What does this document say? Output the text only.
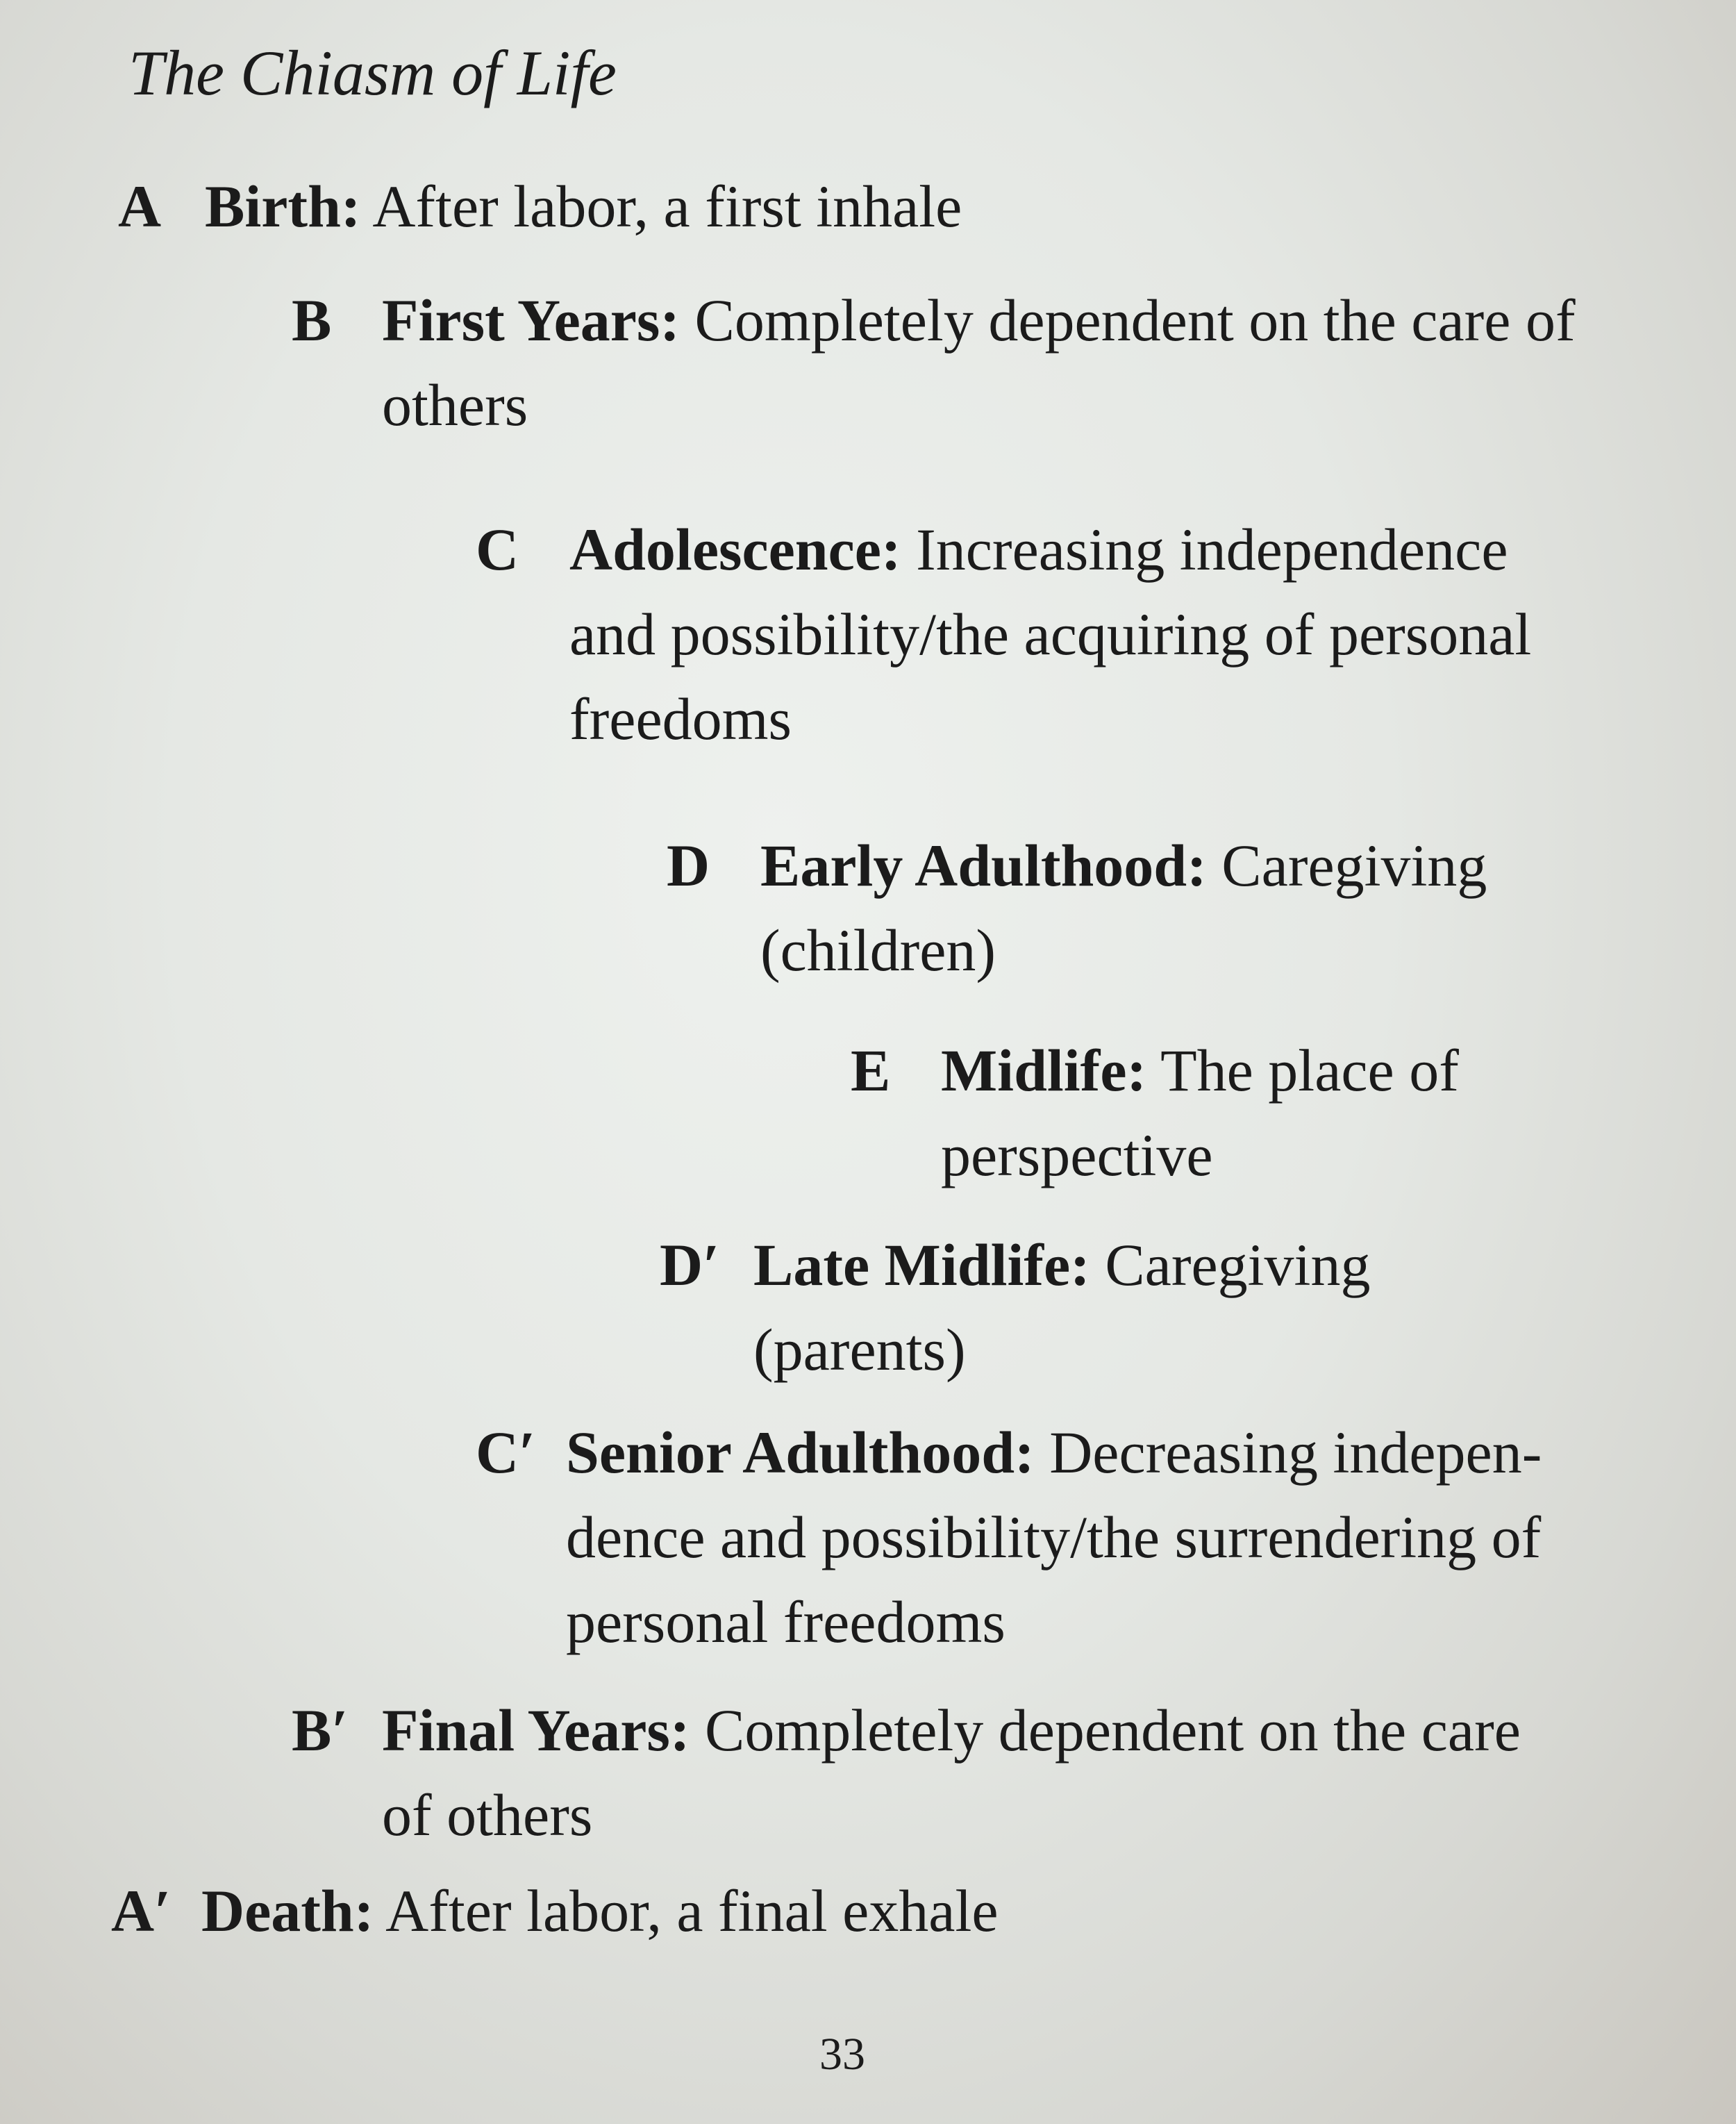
The Chiasm of Life
A Birth: After labor, a first inhale
B First Years: Completely dependent on the care of others
C Adolescence: Increasing independence and possibility/the acquiring of personal freedoms
D Early Adulthood: Caregiving (children)
E Midlife: The place of perspective
D′ Late Midlife: Caregiving (parents)
C′ Senior Adulthood: Decreasing indepen-dence and possibility/the surrendering of personal freedoms
B′ Final Years: Completely dependent on the care of others
A′ Death: After labor, a final exhale

33
